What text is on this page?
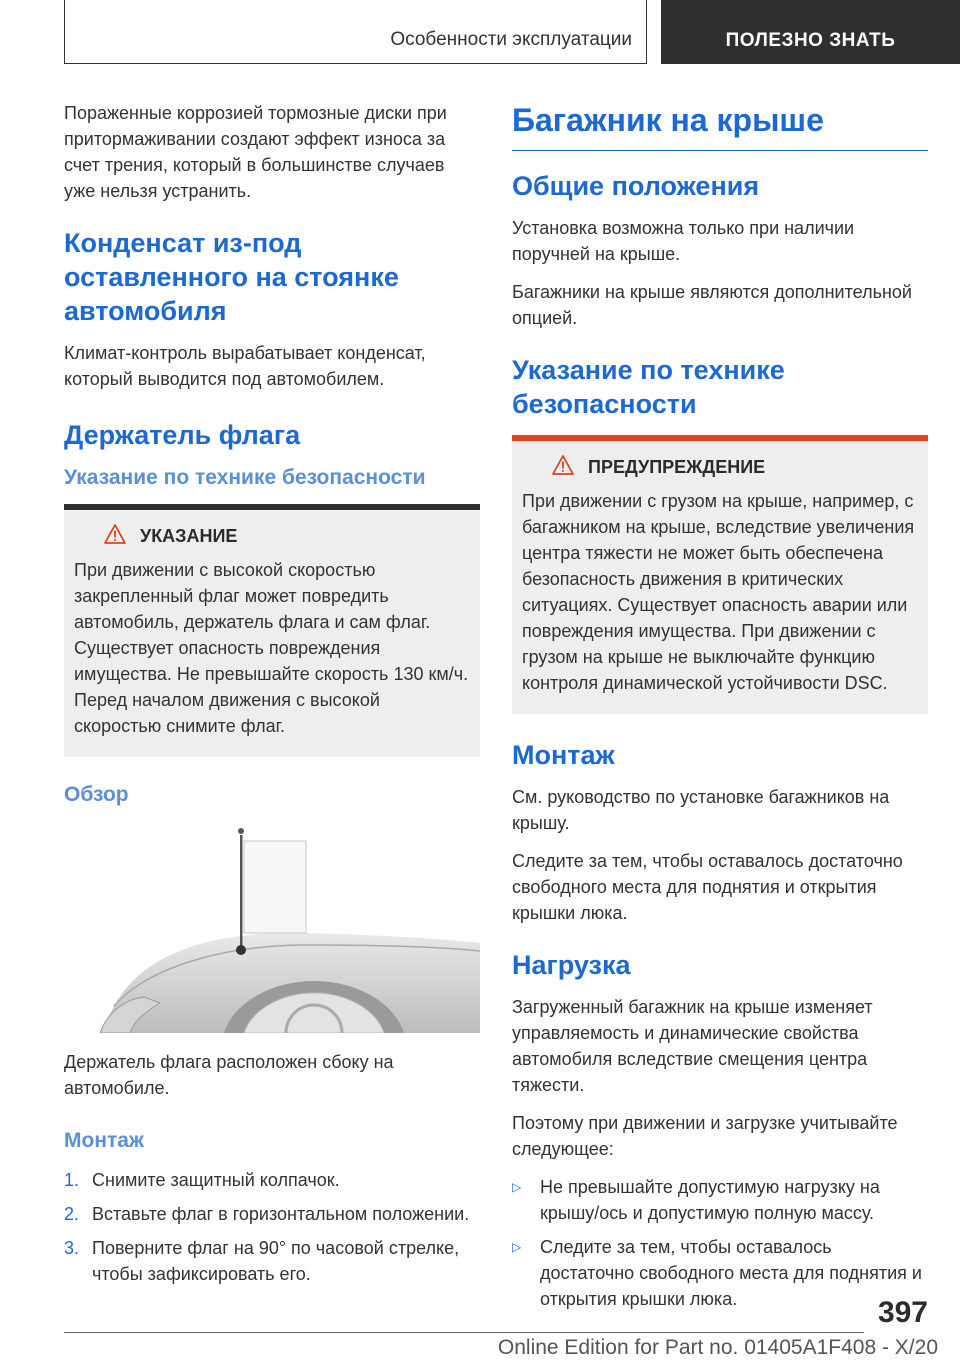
Особенности эксплуатации	ПОЛЕЗНО ЗНАТЬ

Пораженные коррозией тормозные диски при притормаживании создают эффект износа за счет трения, который в большинстве случаев уже нельзя устранить.

Конденсат из-под оставленного на стоянке автомобиля

Климат-контроль вырабатывает конденсат, который выводится под автомобилем.

Держатель флага
Указание по технике безопасности
УКАЗАНИЕ

При движении с высокой скоростью закрепленный флаг может повредить автомобиль, держатель флага и сам флаг. Существует опасность повреждения имущества. Не превышайте скорость 130 км/ч. Перед началом движения с высокой скоростью снимите флаг.

Обзор

Держатель флага расположен сбоку на автомобиле.

Монтаж
1. Снимите защитный колпачок.
2. Вставьте флаг в горизонтальном положении.
3. Поверните флаг на 90° по часовой стрелке, чтобы зафиксировать его.
Багажник на крыше
Общие положения

Установка возможна только при наличии поручней на крыше.

Багажники на крыше являются дополнительной опцией.

Указание по технике безопасности
ПРЕДУПРЕЖДЕНИЕ

При движении с грузом на крыше, например, с багажником на крыше, вследствие увеличения центра тяжести не может быть обеспечена безопасность движения в критических ситуациях. Существует опасность аварии или повреждения имущества. При движении с грузом на крыше не выключайте функцию контроля динамической устойчивости DSC.

Монтаж

См. руководство по установке багажников на крышу.

Следите за тем, чтобы оставалось достаточно свободного места для поднятия и открытия крышки люка.

Нагрузка

Загруженный багажник на крыше изменяет управляемость и динамические свойства автомобиля вследствие смещения центра тяжести.

Поэтому при движении и загрузке учитывайте следующее:

▷	Не превышайте допустимую нагрузку на крышу/ось и допустимую полную массу.
▷	Следите за тем, чтобы оставалось достаточно свободного места для поднятия и открытия крышки люка.	397
Online Edition for Part no. 01405A1F408 - X/20
